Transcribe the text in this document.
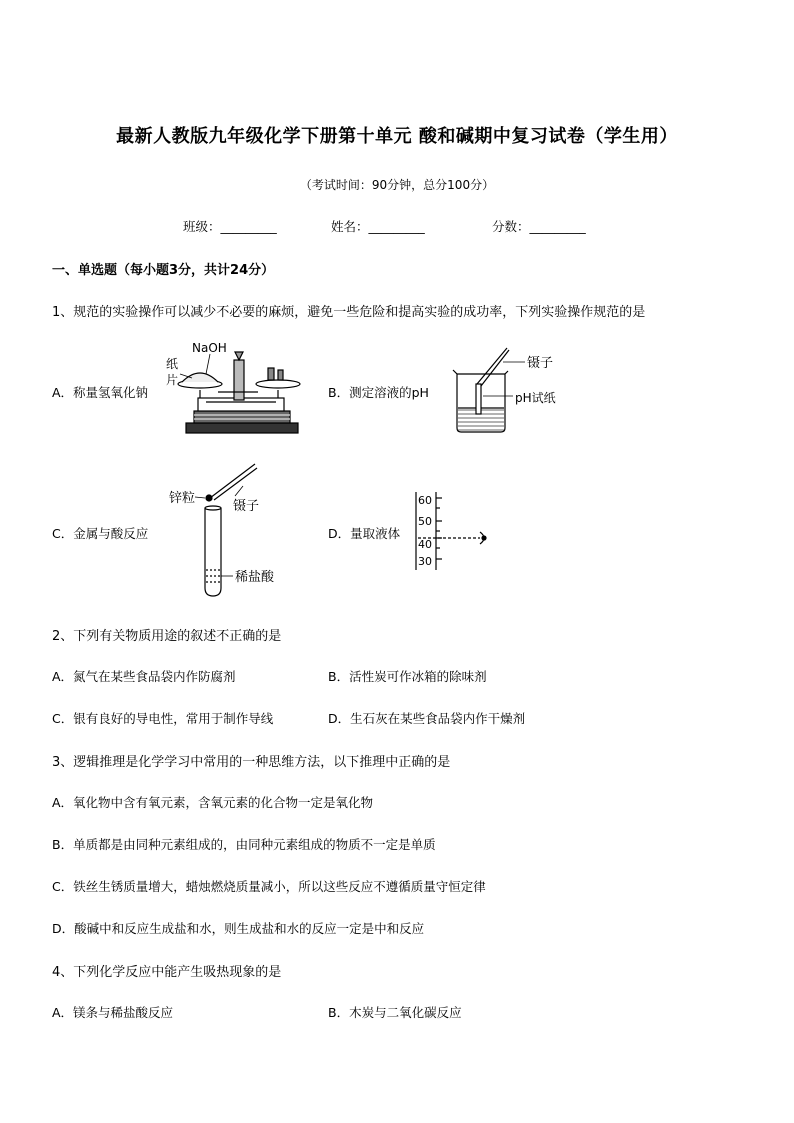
最新人教版九年级化学下册第十单元 酸和碱期中复习试卷（学生用）
（考试时间：90分钟，总分100分）
班级：_________	姓名：_________	分数：_________
一、单选题（每小题3分，共计24分）
1、规范的实验操作可以减少不必要的麻烦，避免一些危险和提高实验的成功率，下列实验操作规范的是
A．称量氢氧化钠
NaOH
纸
片
B．测定溶液的pH
镊子
pH试纸
C．金属与酸反应
锌粒
镊子
稀盐酸
D．量取液体
60
50
40
30
2、下列有关物质用途的叙述不正确的是
A．氮气在某些食品袋内作防腐剂	B．活性炭可作冰箱的除味剂
C．银有良好的导电性，常用于制作导线	D．生石灰在某些食品袋内作干燥剂
3、逻辑推理是化学学习中常用的一种思维方法，以下推理中正确的是
A．氧化物中含有氧元素，含氧元素的化合物一定是氧化物
B．单质都是由同种元素组成的，由同种元素组成的物质不一定是单质
C．铁丝生锈质量增大，蜡烛燃烧质量减小，所以这些反应不遵循质量守恒定律
D．酸碱中和反应生成盐和水，则生成盐和水的反应一定是中和反应
4、下列化学反应中能产生吸热现象的是
A．镁条与稀盐酸反应	B．木炭与二氧化碳反应
